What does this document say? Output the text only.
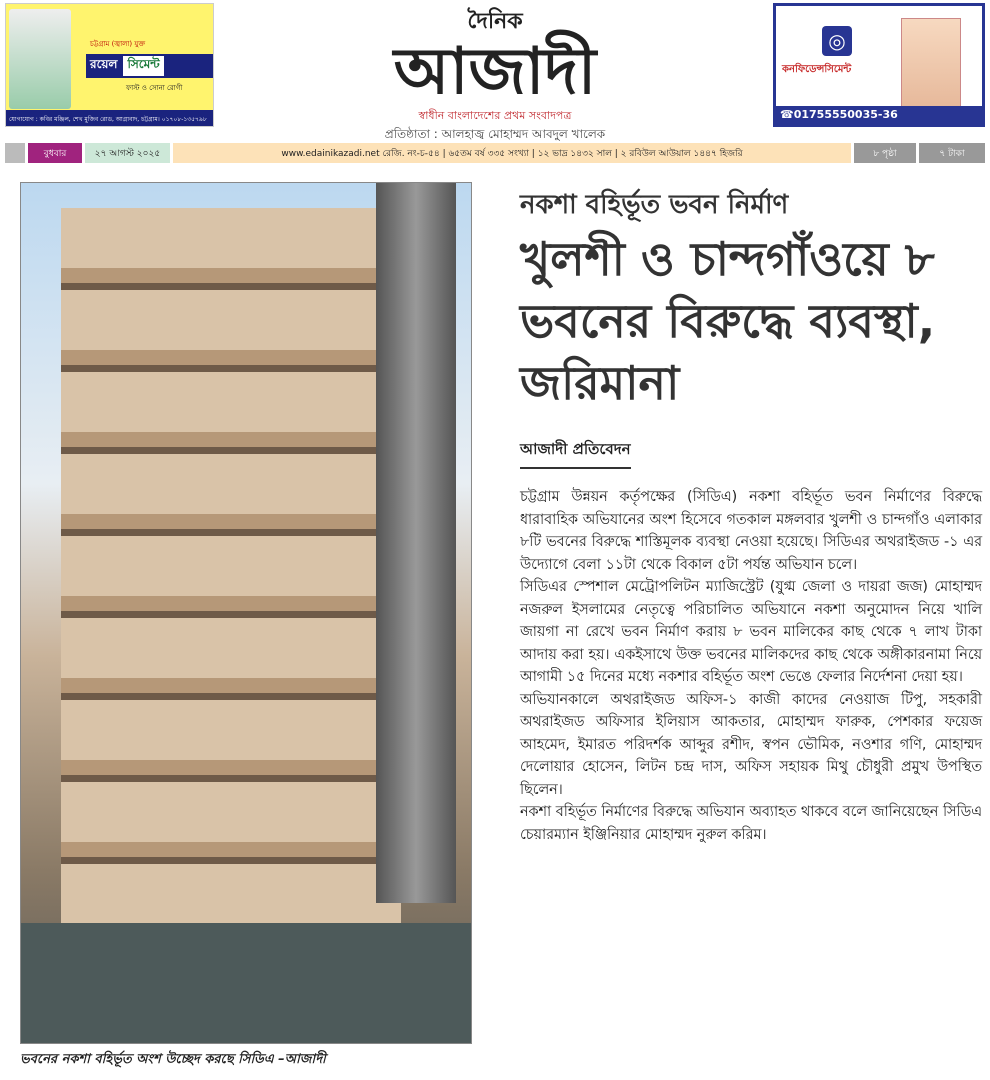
চট্টগ্রাম (জ্বালা) যুক্ত
রয়েল সিমেন্ট
ফাস্ট ও সোনা রোগী
যোগাযোগ : কবির মঞ্জিল, শেখ মুজিব রোড, আগ্রাবাদ, চট্টগ্রাম। ০১৭০৮-১৩৫৭৯৮
দৈনিক
আজাদী
স্বাধীন বাংলাদেশের প্রথম সংবাদপত্র
প্রতিষ্ঠাতা : আলহাজ্ব মোহাম্মদ আবদুল খালেক
◎
কনফিডেন্সসিমেন্ট
☎01755550035-36
বুধবার	২৭ আগস্ট ২০২৫	www.edainikazadi.net রেজি. নং-চ-৫৪ | ৬৫তম বর্ষ ৩৩৫ সংখ্যা | ১২ ভাদ্র ১৪৩২ সাল | ২ রবিউল আউয়াল ১৪৪৭ হিজরি	৮ পৃষ্ঠা	৭ টাকা
ভবনের নকশা বহির্ভূত অংশ উচ্ছেদ করছে সিডিএ –আজাদী
নকশা বহির্ভূত ভবন নির্মাণ
খুলশী ও চান্দগাঁওয়ে ৮ ভবনের বিরুদ্ধে ব্যবস্থা, জরিমানা
আজাদী প্রতিবেদন

চট্টগ্রাম উন্নয়ন কর্তৃপক্ষের (সিডিএ) নকশা বহির্ভূত ভবন নির্মাণের বিরুদ্ধে ধারাবাহিক অভিযানের অংশ হিসেবে গতকাল মঙ্গলবার খুলশী ও চান্দগাঁও এলাকার ৮টি ভবনের বিরুদ্ধে শাস্তিমূলক ব্যবস্থা নেওয়া হয়েছে। সিডিএর অথরাইজড -১ এর উদ্যোগে বেলা ১১টা থেকে বিকাল ৫টা পর্যন্ত অভিযান চলে।

সিডিএর স্পেশাল মেট্রোপলিটন ম্যাজিস্ট্রেট (যুগ্ম জেলা ও দায়রা জজ) মোহাম্মদ নজরুল ইসলামের নেতৃত্বে পরিচালিত অভিযানে নকশা অনুমোদন নিয়ে খালি জায়গা না রেখে ভবন নির্মাণ করায় ৮ ভবন মালিকের কাছ থেকে ৭ লাখ টাকা আদায় করা হয়। একইসাথে উক্ত ভবনের মালিকদের কাছ থেকে অঙ্গীকারনামা নিয়ে আগামী ১৫ দিনের মধ্যে নকশার বহির্ভূত অংশ ভেঙে ফেলার নির্দেশনা দেয়া হয়।

অভিযানকালে অথরাইজড অফিস-১ কাজী কাদের নেওয়াজ টিপু, সহকারী অথরাইজড অফিসার ইলিয়াস আকতার, মোহাম্মদ ফারুক, পেশকার ফয়েজ আহমেদ, ইমারত পরিদর্শক আব্দুর রশীদ, স্বপন ভৌমিক, নওশার গণি, মোহাম্মদ দেলোয়ার হোসেন, লিটন চন্দ্র দাস, অফিস সহায়ক মিথু চৌধুরী প্রমুখ উপস্থিত ছিলেন।

নকশা বহির্ভূত নির্মাণের বিরুদ্ধে অভিযান অব্যাহত থাকবে বলে জানিয়েছেন সিডিএ চেয়ারম্যান ইঞ্জিনিয়ার মোহাম্মদ নুরুল করিম।
